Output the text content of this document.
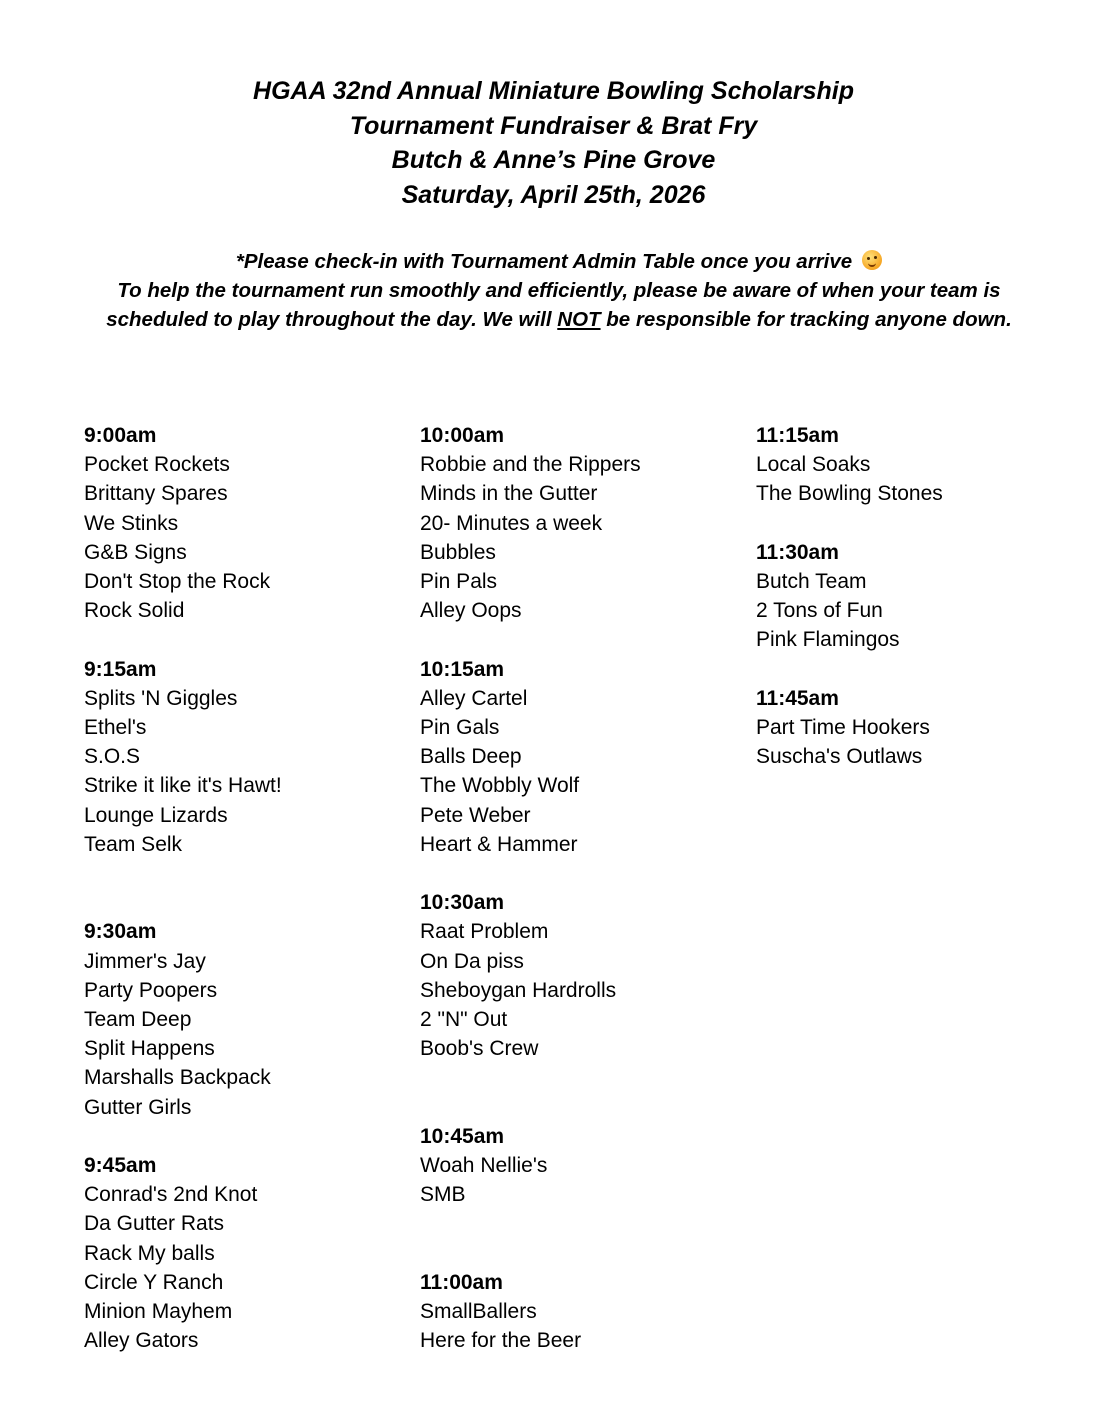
HGAA 32nd Annual Miniature Bowling Scholarship
Tournament Fundraiser & Brat Fry
Butch & Anne’s Pine Grove
Saturday, April 25th, 2026
*Please check-in with Tournament Admin Table once you arrive
To help the tournament run smoothly and efficiently, please be aware of when your team is scheduled to play throughout the day. We will NOT be responsible for tracking anyone down.
9:00am
Pocket Rockets
Brittany Spares
We Stinks
G&B Signs
Don't Stop the Rock
Rock Solid
9:15am
Splits 'N Giggles
Ethel's
S.O.S
Strike it like it's Hawt!
Lounge Lizards
Team Selk
9:30am
Jimmer's Jay
Party Poopers
Team Deep
Split Happens
Marshalls Backpack
Gutter Girls
9:45am
Conrad's 2nd Knot
Da Gutter Rats
Rack My balls
Circle Y Ranch
Minion Mayhem
Alley Gators
10:00am
Robbie and the Rippers
Minds in the Gutter
20- Minutes a week
Bubbles
Pin Pals
Alley Oops
10:15am
Alley Cartel
Pin Gals
Balls Deep
The Wobbly Wolf
Pete Weber
Heart & Hammer
10:30am
Raat Problem
On Da piss
Sheboygan Hardrolls
2 "N" Out
Boob's Crew
10:45am
Woah Nellie's
SMB
11:00am
SmallBallers
Here for the Beer
11:15am
Local Soaks
The Bowling Stones
11:30am
Butch Team
2 Tons of Fun
Pink Flamingos
11:45am
Part Time Hookers
Suscha's Outlaws
